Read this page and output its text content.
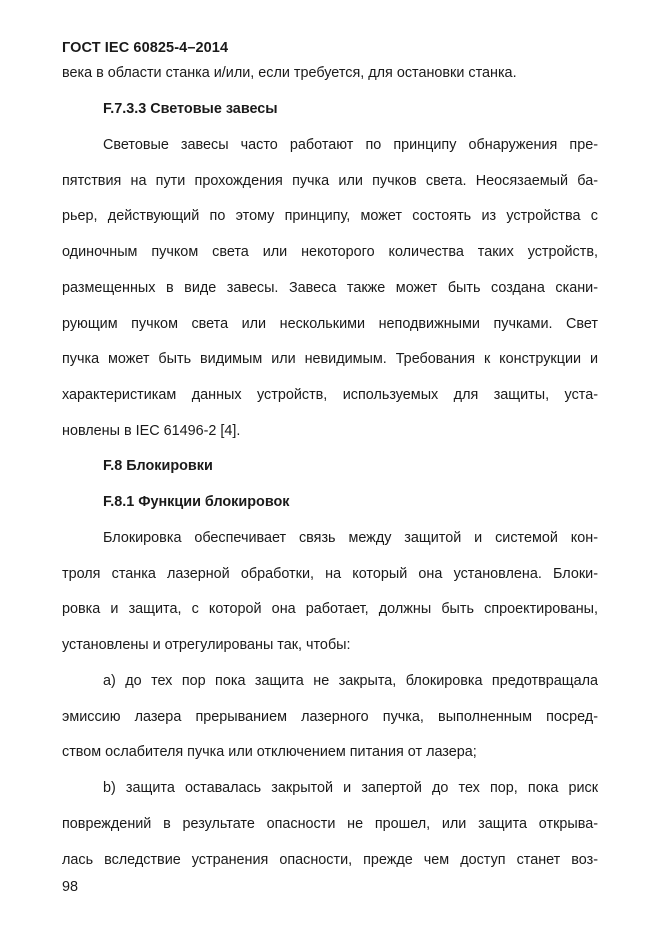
ГОСТ IEC 60825-4–2014
века в области станка и/или, если требуется, для остановки станка.
F.7.3.3 Световые завесы
Световые завесы часто работают по принципу обнаружения пре-
пятствия на пути прохождения пучка или пучков света. Неосязаемый ба-
рьер, действующий по этому принципу, может состоять из устройства с
одиночным пучком света или некоторого количества таких устройств,
размещенных в виде завесы. Завеса также может быть создана скани-
рующим пучком света или несколькими неподвижными пучками. Свет
пучка может быть видимым или невидимым. Требования к конструкции и
характеристикам данных устройств, используемых для защиты, уста-
новлены в IEC 61496-2 [4].
F.8 Блокировки
F.8.1 Функции блокировок
Блокировка обеспечивает связь между защитой и системой кон-
троля станка лазерной обработки, на который она установлена. Блоки-
ровка и защита, с которой она работает, должны быть спроектированы,
установлены и отрегулированы так, чтобы:
a) до тех пор пока защита не закрыта, блокировка предотвращала
эмиссию лазера прерыванием лазерного пучка, выполненным посред-
ством ослабителя пучка или отключением питания от лазера;
b) защита оставалась закрытой и запертой до тех пор, пока риск
повреждений в результате опасности не прошел, или защита открыва-
лась вследствие устранения опасности, прежде чем доступ станет воз-
98
